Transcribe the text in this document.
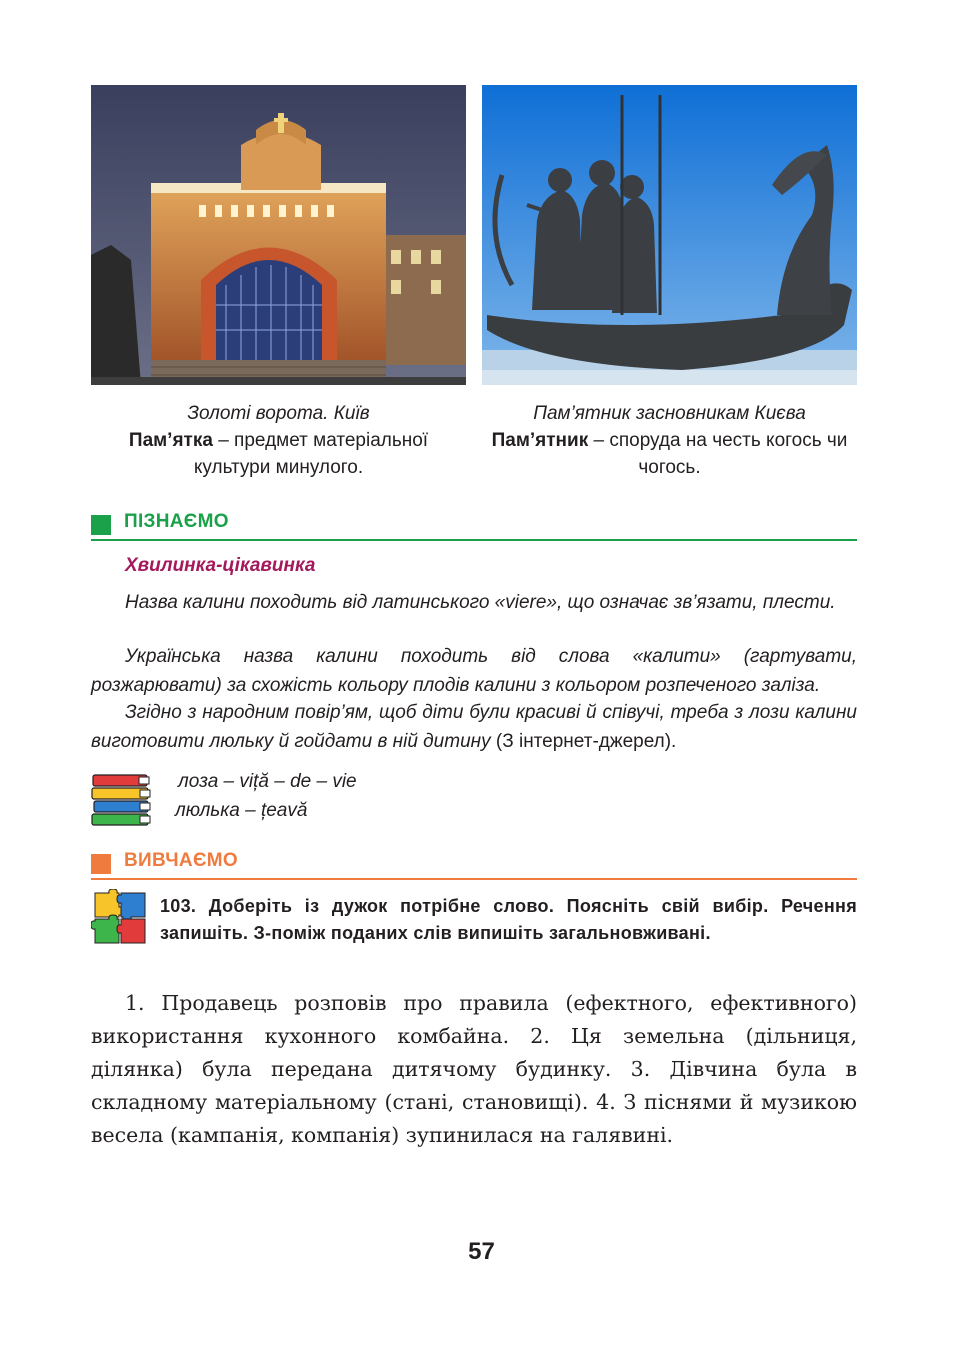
Золоті ворота. Київ
Пам’ятка – предмет матеріальної культури минулого.
Пам’ятник засновникам Києва
Пам’ятник – споруда на честь когось чи чогось.
ПІЗНАЄМО
Хвилинка-цікавинка
Назва калини походить від латинського «viere», що означає зв’язати, плести.
Українська назва калини походить від слова «калити» (гартувати, розжарювати) за схожість кольору плодів калини з кольором розпеченого заліза.
Згідно з народним повір’ям, щоб діти були красиві й співучі, треба з лози калини виготовити люльку й гойдати в ній дитину (З інтернет-джерел).
лоза – viță – de – vie
люлька – țeavă
ВИВЧАЄМО
103. Доберіть із дужок потрібне слово. Поясніть свій вибір. Речення запишіть. З-поміж поданих слів випишіть загальновживані.
1. Продавець розповів про правила (ефектного, ефективного) використання кухонного комбайна. 2. Ця земельна (дільниця, ділянка) була передана дитячому будинку. 3. Дівчина була в складному матеріальному (стані, становищі). 4. З піснями й музикою весела (кампанія, компанія) зупинилася на галявині.
57
